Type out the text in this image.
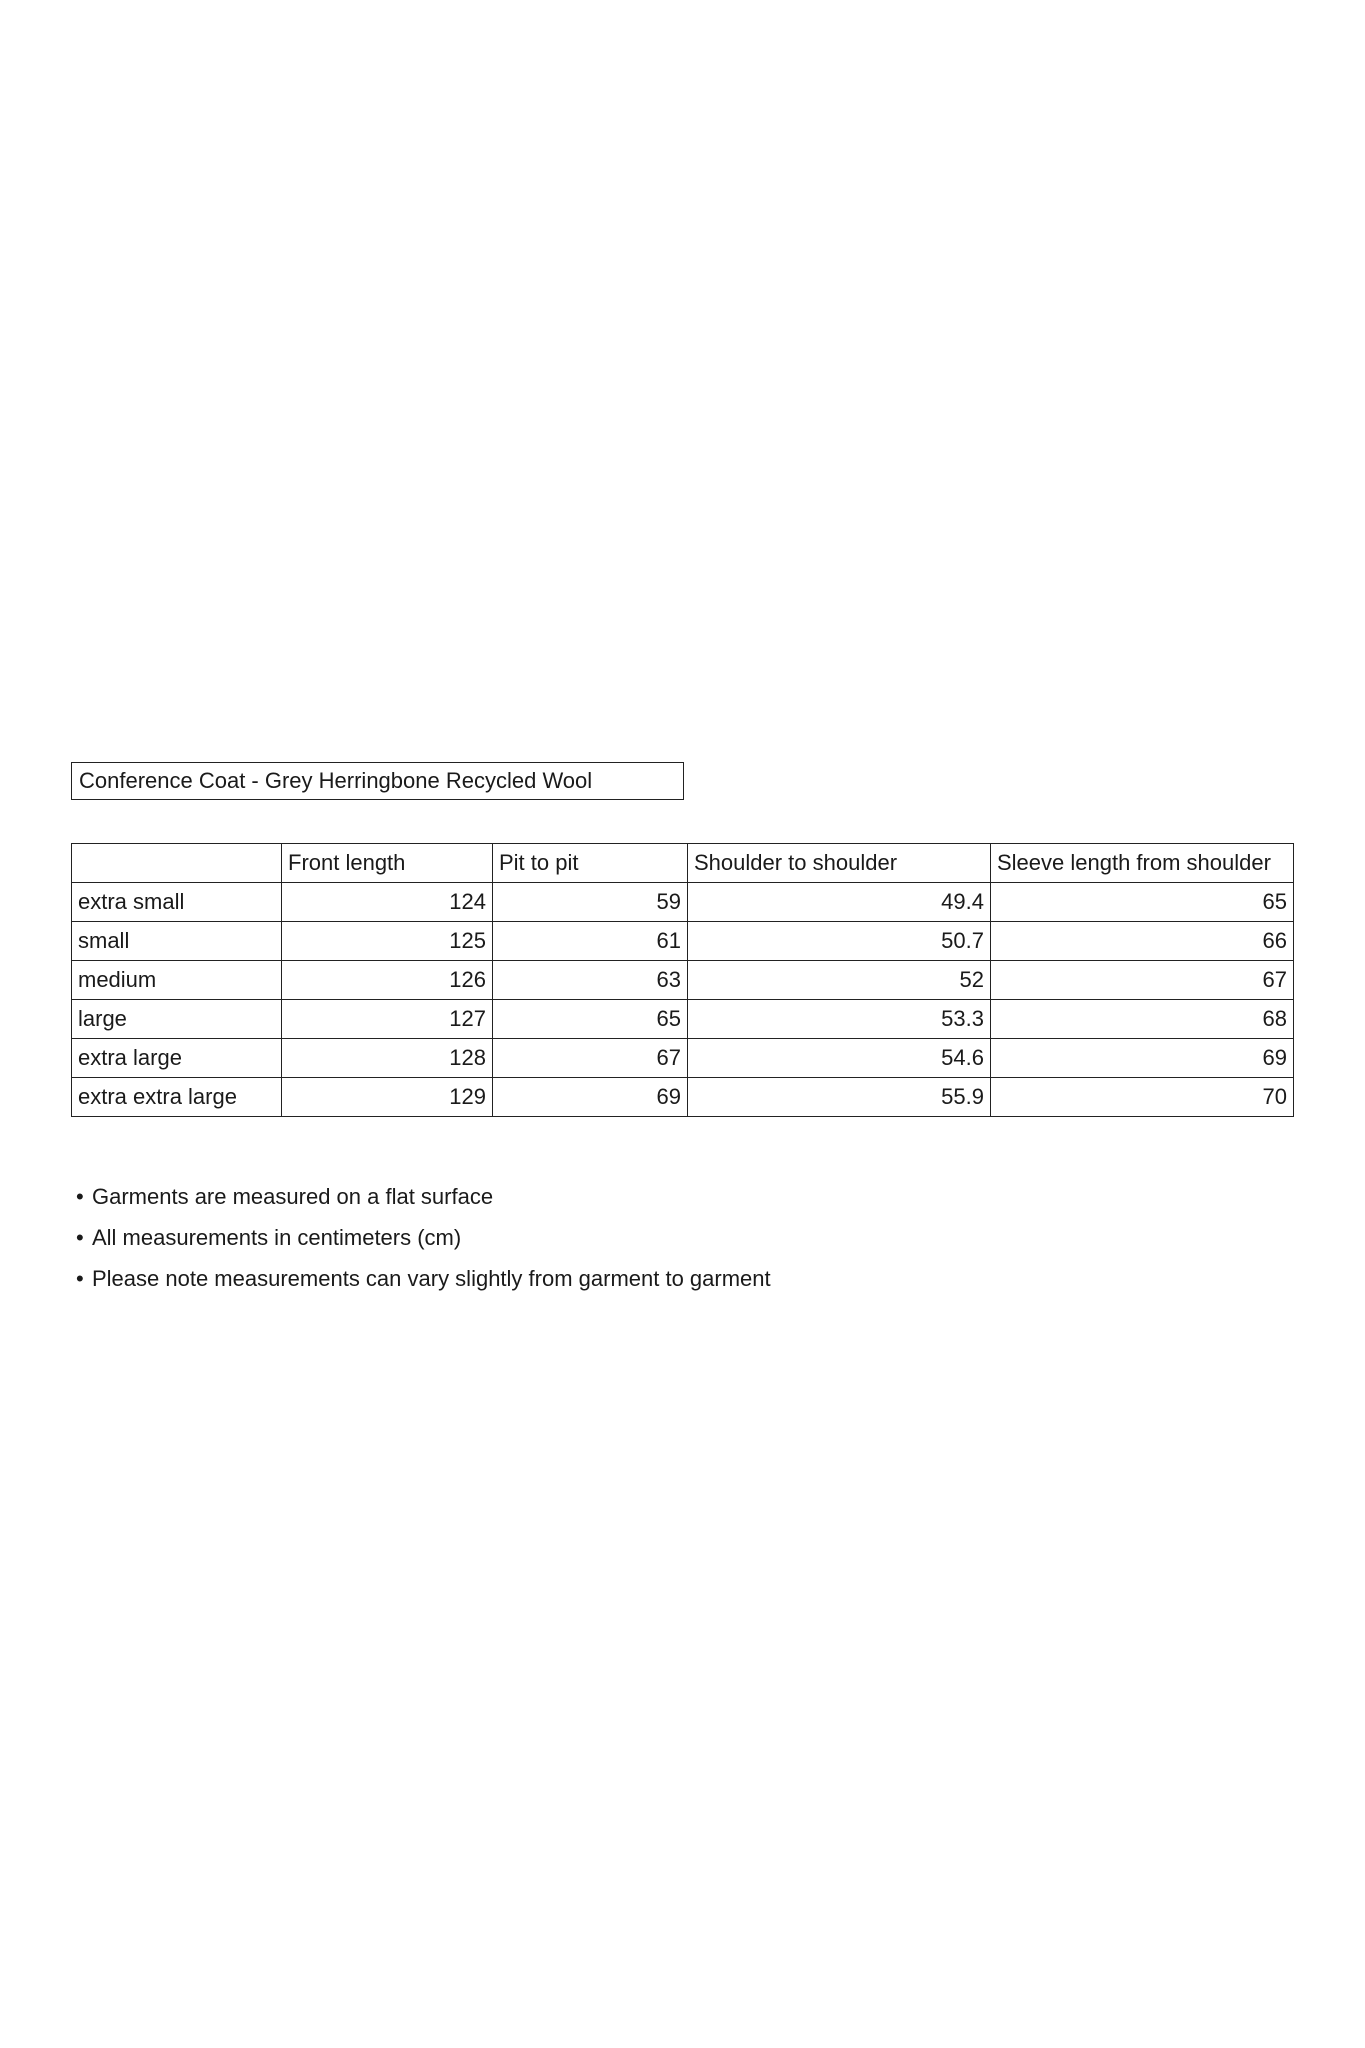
Conference Coat - Grey Herringbone Recycled Wool
	Front length	Pit to pit	Shoulder to shoulder	Sleeve length from shoulder
extra small	124	59	49.4	65
small	125	61	50.7	66
medium	126	63	52	67
large	127	65	53.3	68
extra large	128	67	54.6	69
extra extra large	129	69	55.9	70
• Garments are measured on a flat surface
• All measurements in centimeters (cm)
• Please note measurements can vary slightly from garment to garment
